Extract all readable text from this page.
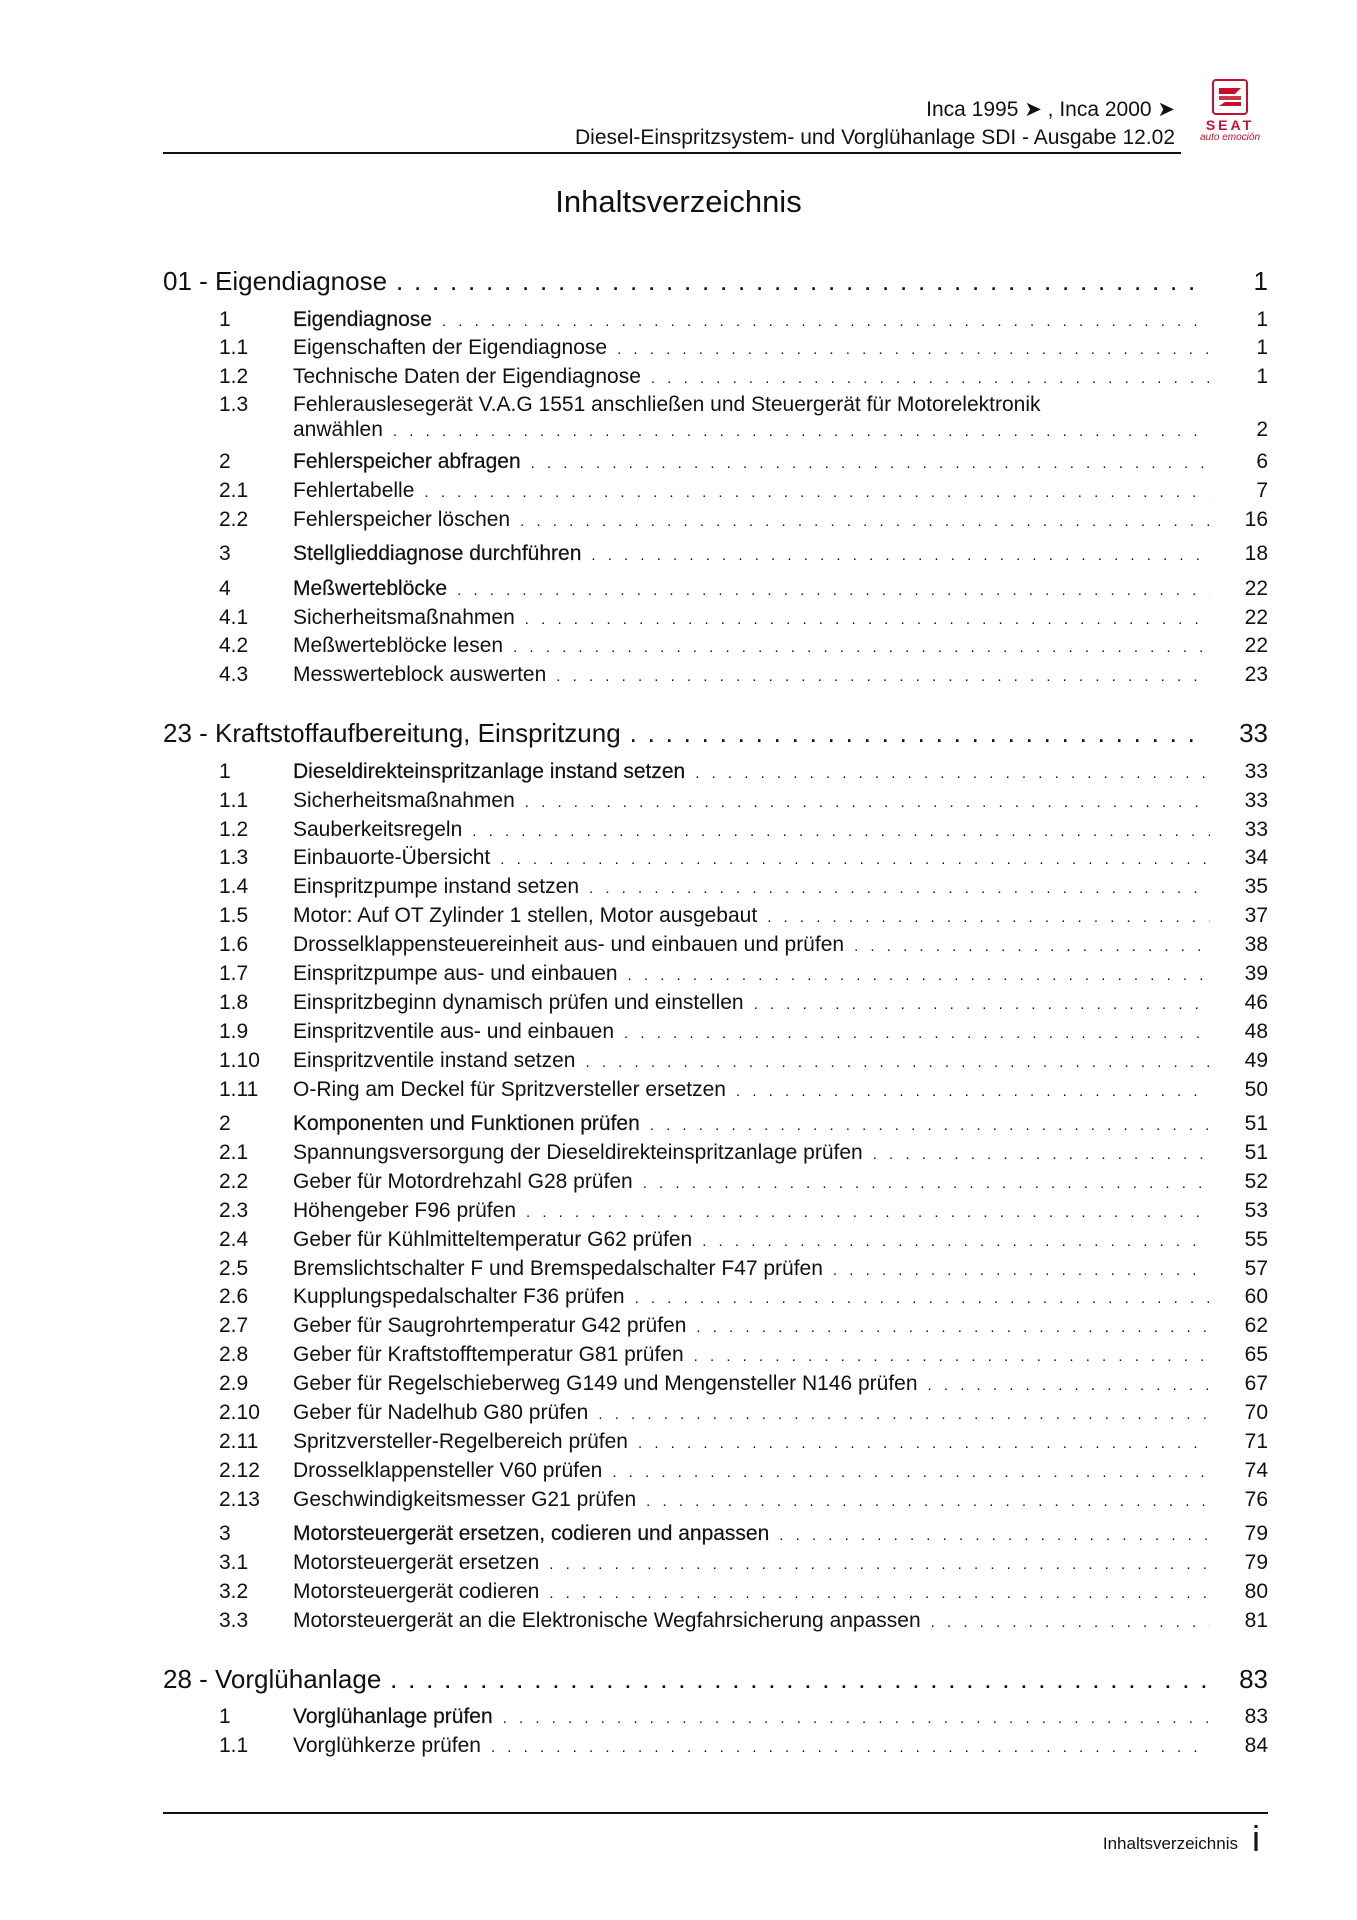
Inca 1995 ➤ , Inca 2000 ➤
Diesel-Einspritzsystem- und Vorglühanlage SDI - Ausgabe 12.02
SEAT
auto emoción
Inhaltsverzeichnis
01 - Eigendiagnose . . .	1
1	Eigendiagnose . . .	1
1.1	Eigenschaften der Eigendiagnose . . .	1
1.2	Technische Daten der Eigendiagnose . . .	1
1.3	Fehlerauslesegerät V.A.G 1551 anschließen und Steuergerät für Motorelektronik
anwählen . . .	2
2	Fehlerspeicher abfragen . . .	6
2.1	Fehlertabelle . . .	7
2.2	Fehlerspeicher löschen . . .	16
3	Stellglieddiagnose durchführen . . .	18
4	Meßwerteblöcke . . .	22
4.1	Sicherheitsmaßnahmen . . .	22
4.2	Meßwerteblöcke lesen . . .	22
4.3	Messwerteblock auswerten . . .	23
23 - Kraftstoffaufbereitung, Einspritzung . . .	33
1	Dieseldirekteinspritzanlage instand setzen . . .	33
1.1	Sicherheitsmaßnahmen . . .	33
1.2	Sauberkeitsregeln . . .	33
1.3	Einbauorte-Übersicht . . .	34
1.4	Einspritzpumpe instand setzen . . .	35
1.5	Motor: Auf OT Zylinder 1 stellen, Motor ausgebaut . . .	37
1.6	Drosselklappensteuereinheit aus- und einbauen und prüfen . . .	38
1.7	Einspritzpumpe aus- und einbauen . . .	39
1.8	Einspritzbeginn dynamisch prüfen und einstellen . . .	46
1.9	Einspritzventile aus- und einbauen . . .	48
1.10	Einspritzventile instand setzen . . .	49
1.11	O-Ring am Deckel für Spritzversteller ersetzen . . .	50
2	Komponenten und Funktionen prüfen . . .	51
2.1	Spannungsversorgung der Dieseldirekteinspritzanlage prüfen . . .	51
2.2	Geber für Motordrehzahl G28 prüfen . . .	52
2.3	Höhengeber F96 prüfen . . .	53
2.4	Geber für Kühlmitteltemperatur G62 prüfen . . .	55
2.5	Bremslichtschalter F und Bremspedalschalter F47 prüfen . . .	57
2.6	Kupplungspedalschalter F36 prüfen . . .	60
2.7	Geber für Saugrohrtemperatur G42 prüfen . . .	62
2.8	Geber für Kraftstofftemperatur G81 prüfen . . .	65
2.9	Geber für Regelschieberweg G149 und Mengensteller N146 prüfen . . .	67
2.10	Geber für Nadelhub G80 prüfen . . .	70
2.11	Spritzversteller-Regelbereich prüfen . . .	71
2.12	Drosselklappensteller V60 prüfen . . .	74
2.13	Geschwindigkeitsmesser G21 prüfen . . .	76
3	Motorsteuergerät ersetzen, codieren und anpassen . . .	79
3.1	Motorsteuergerät ersetzen . . .	79
3.2	Motorsteuergerät codieren . . .	80
3.3	Motorsteuergerät an die Elektronische Wegfahrsicherung anpassen . . .	81
28 - Vorglühanlage . . .	83
1	Vorglühanlage prüfen . . .	83
1.1	Vorglühkerze prüfen . . .	84
Inhaltsverzeichnis i
